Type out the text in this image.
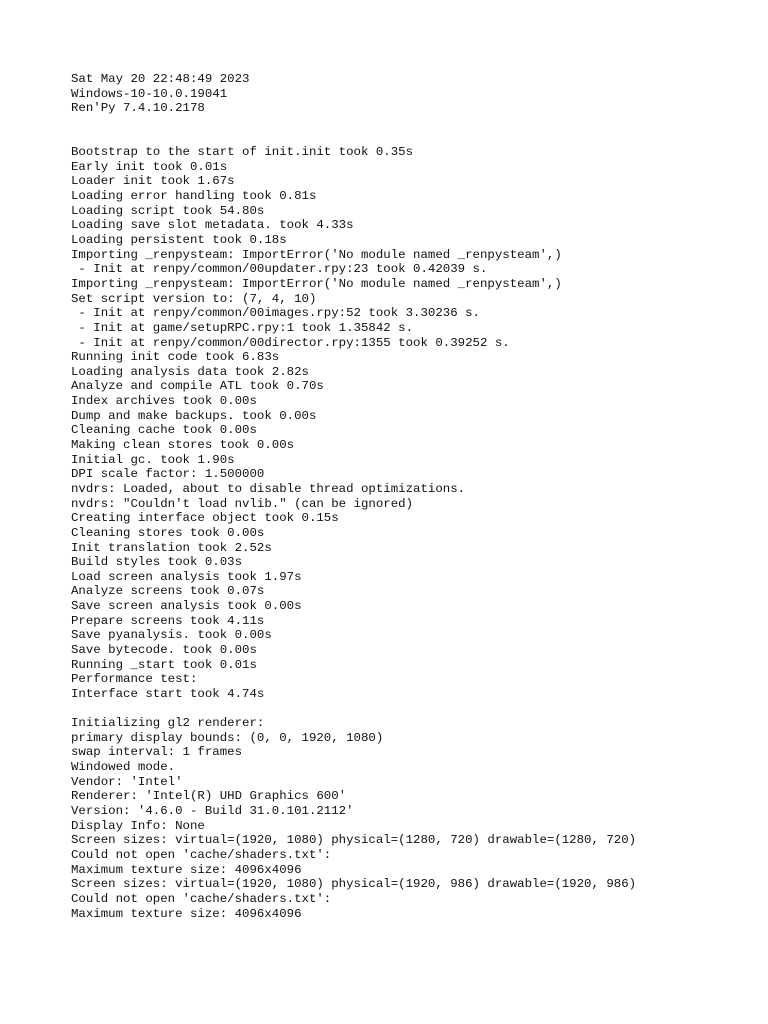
Sat May 20 22:48:49 2023
Windows-10-10.0.19041
Ren'Py 7.4.10.2178
Bootstrap to the start of init.init took 0.35s
Early init took 0.01s
Loader init took 1.67s
Loading error handling took 0.81s
Loading script took 54.80s
Loading save slot metadata. took 4.33s
Loading persistent took 0.18s
Importing _renpysteam: ImportError('No module named _renpysteam',)
- Init at renpy/common/00updater.rpy:23 took 0.42039 s.
Importing _renpysteam: ImportError('No module named _renpysteam',)
Set script version to: (7, 4, 10)
- Init at renpy/common/00images.rpy:52 took 3.30236 s.
- Init at game/setupRPC.rpy:1 took 1.35842 s.
- Init at renpy/common/00director.rpy:1355 took 0.39252 s.
Running init code took 6.83s
Loading analysis data took 2.82s
Analyze and compile ATL took 0.70s
Index archives took 0.00s
Dump and make backups. took 0.00s
Cleaning cache took 0.00s
Making clean stores took 0.00s
Initial gc. took 1.90s
DPI scale factor: 1.500000
nvdrs: Loaded, about to disable thread optimizations.
nvdrs: "Couldn't load nvlib." (can be ignored)
Creating interface object took 0.15s
Cleaning stores took 0.00s
Init translation took 2.52s
Build styles took 0.03s
Load screen analysis took 1.97s
Analyze screens took 0.07s
Save screen analysis took 0.00s
Prepare screens took 4.11s
Save pyanalysis. took 0.00s
Save bytecode. took 0.00s
Running _start took 0.01s
Performance test:
Interface start took 4.74s
Initializing gl2 renderer:
primary display bounds: (0, 0, 1920, 1080)
swap interval: 1 frames
Windowed mode.
Vendor: 'Intel'
Renderer: 'Intel(R) UHD Graphics 600'
Version: '4.6.0 - Build 31.0.101.2112'
Display Info: None
Screen sizes: virtual=(1920, 1080) physical=(1280, 720) drawable=(1280, 720)
Could not open 'cache/shaders.txt':
Maximum texture size: 4096x4096
Screen sizes: virtual=(1920, 1080) physical=(1920, 986) drawable=(1920, 986)
Could not open 'cache/shaders.txt':
Maximum texture size: 4096x4096
